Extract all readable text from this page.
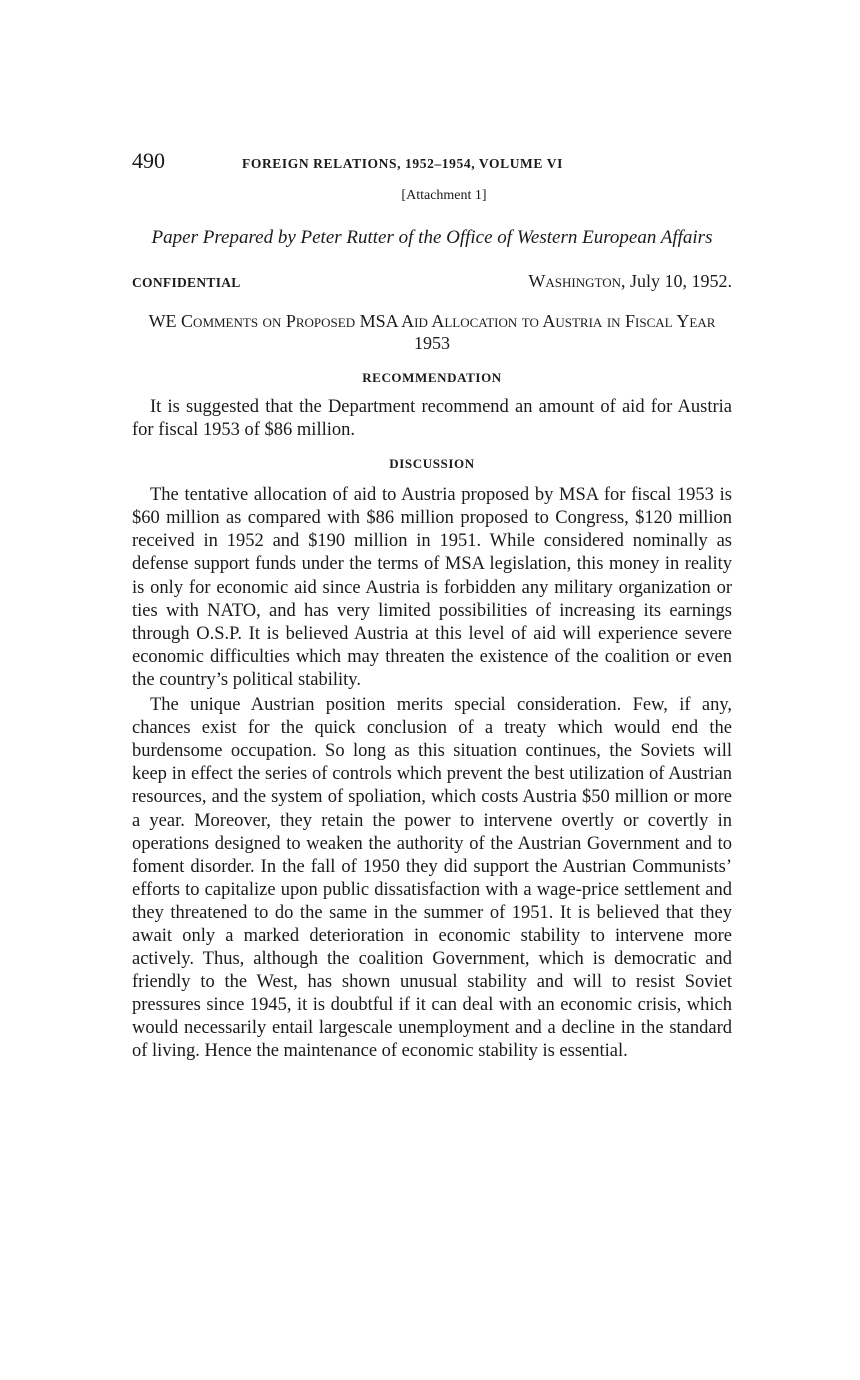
490	FOREIGN RELATIONS, 1952–1954, VOLUME VI
[Attachment 1]
Paper Prepared by Peter Rutter of the Office of Western European Affairs
CONFIDENTIAL	Washington, July 10, 1952.
WE Comments on Proposed MSA Aid Allocation to Austria in Fiscal Year 1953
RECOMMENDATION

It is suggested that the Department recommend an amount of aid for Austria for fiscal 1953 of $86 million.

DISCUSSION

The tentative allocation of aid to Austria proposed by MSA for fiscal 1953 is $60 million as compared with $86 million proposed to Congress, $120 million received in 1952 and $190 million in 1951. While considered nominally as defense support funds under the terms of MSA legislation, this money in reality is only for economic aid since Austria is forbidden any military organization or ties with NATO, and has very limited possibilities of increasing its earnings through O.S.P. It is believed Austria at this level of aid will experience severe economic difficulties which may threaten the existence of the coalition or even the country’s political stability.

The unique Austrian position merits special consideration. Few, if any, chances exist for the quick conclusion of a treaty which would end the burdensome occupation. So long as this situation continues, the Soviets will keep in effect the series of controls which prevent the best utilization of Austrian resources, and the system of spoliation, which costs Austria $50 million or more a year. Moreover, they retain the power to intervene overtly or covertly in operations designed to weaken the authority of the Austrian Government and to foment disorder. In the fall of 1950 they did support the Austrian Communists’ efforts to capitalize upon public dissatisfaction with a wage-price settlement and they threatened to do the same in the summer of 1951. It is believed that they await only a marked deterioration in economic stability to intervene more actively. Thus, although the coalition Government, which is democratic and friendly to the West, has shown unusual stability and will to resist Soviet pressures since 1945, it is doubtful if it can deal with an economic crisis, which would necessarily entail largescale unemployment and a decline in the standard of living. Hence the maintenance of economic stability is essential.
